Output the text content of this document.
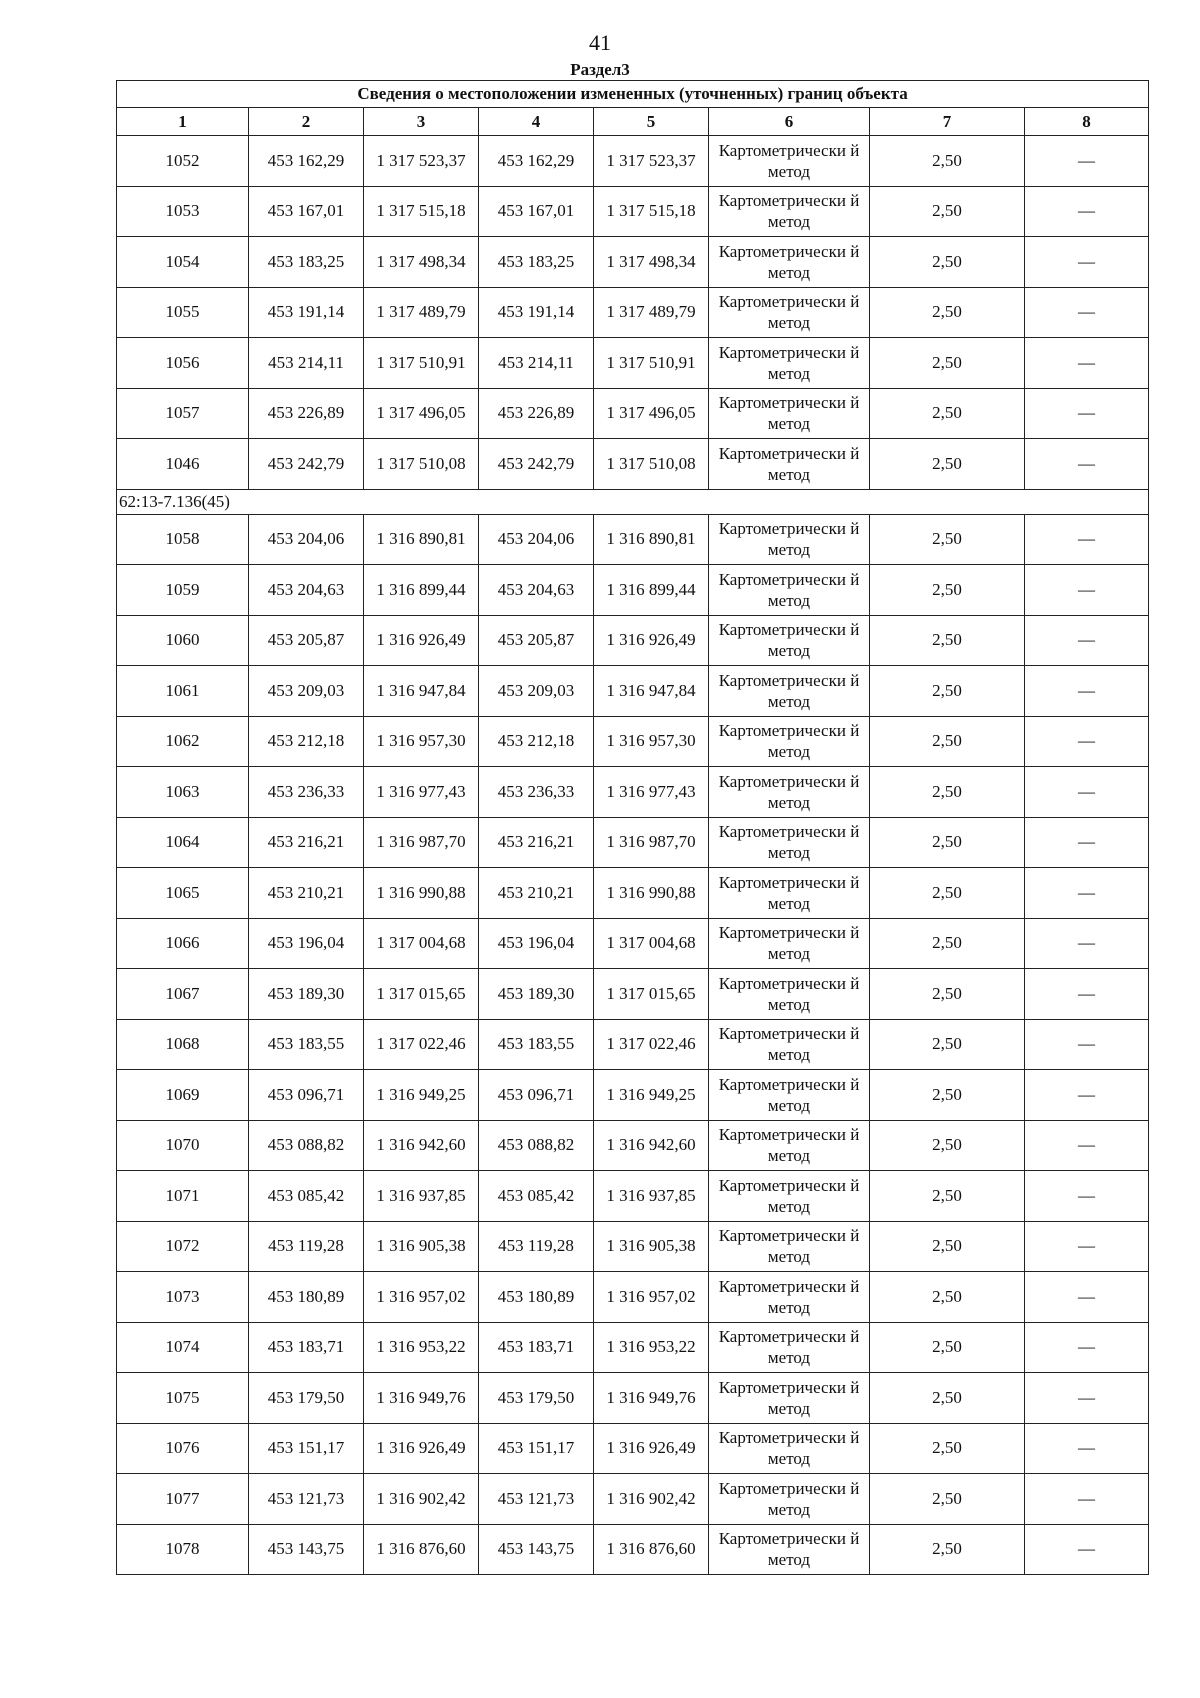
41
Раздел3
Сведения о местоположении измененных (уточненных) границ объекта							
1	2	3	4	5	6	7	8
1052	453 162,29	1 317 523,37	453 162,29	1 317 523,37	Картометрически й метод	2,50	—
1053	453 167,01	1 317 515,18	453 167,01	1 317 515,18	Картометрически й метод	2,50	—
1054	453 183,25	1 317 498,34	453 183,25	1 317 498,34	Картометрически й метод	2,50	—
1055	453 191,14	1 317 489,79	453 191,14	1 317 489,79	Картометрически й метод	2,50	—
1056	453 214,11	1 317 510,91	453 214,11	1 317 510,91	Картометрически й метод	2,50	—
1057	453 226,89	1 317 496,05	453 226,89	1 317 496,05	Картометрически й метод	2,50	—
1046	453 242,79	1 317 510,08	453 242,79	1 317 510,08	Картометрически й метод	2,50	—
62:13-7.136(45)							
1058	453 204,06	1 316 890,81	453 204,06	1 316 890,81	Картометрически й метод	2,50	—
1059	453 204,63	1 316 899,44	453 204,63	1 316 899,44	Картометрически й метод	2,50	—
1060	453 205,87	1 316 926,49	453 205,87	1 316 926,49	Картометрически й метод	2,50	—
1061	453 209,03	1 316 947,84	453 209,03	1 316 947,84	Картометрически й метод	2,50	—
1062	453 212,18	1 316 957,30	453 212,18	1 316 957,30	Картометрически й метод	2,50	—
1063	453 236,33	1 316 977,43	453 236,33	1 316 977,43	Картометрически й метод	2,50	—
1064	453 216,21	1 316 987,70	453 216,21	1 316 987,70	Картометрически й метод	2,50	—
1065	453 210,21	1 316 990,88	453 210,21	1 316 990,88	Картометрически й метод	2,50	—
1066	453 196,04	1 317 004,68	453 196,04	1 317 004,68	Картометрически й метод	2,50	—
1067	453 189,30	1 317 015,65	453 189,30	1 317 015,65	Картометрически й метод	2,50	—
1068	453 183,55	1 317 022,46	453 183,55	1 317 022,46	Картометрически й метод	2,50	—
1069	453 096,71	1 316 949,25	453 096,71	1 316 949,25	Картометрически й метод	2,50	—
1070	453 088,82	1 316 942,60	453 088,82	1 316 942,60	Картометрически й метод	2,50	—
1071	453 085,42	1 316 937,85	453 085,42	1 316 937,85	Картометрически й метод	2,50	—
1072	453 119,28	1 316 905,38	453 119,28	1 316 905,38	Картометрически й метод	2,50	—
1073	453 180,89	1 316 957,02	453 180,89	1 316 957,02	Картометрически й метод	2,50	—
1074	453 183,71	1 316 953,22	453 183,71	1 316 953,22	Картометрически й метод	2,50	—
1075	453 179,50	1 316 949,76	453 179,50	1 316 949,76	Картометрически й метод	2,50	—
1076	453 151,17	1 316 926,49	453 151,17	1 316 926,49	Картометрически й метод	2,50	—
1077	453 121,73	1 316 902,42	453 121,73	1 316 902,42	Картометрически й метод	2,50	—
1078	453 143,75	1 316 876,60	453 143,75	1 316 876,60	Картометрически й метод	2,50	—
